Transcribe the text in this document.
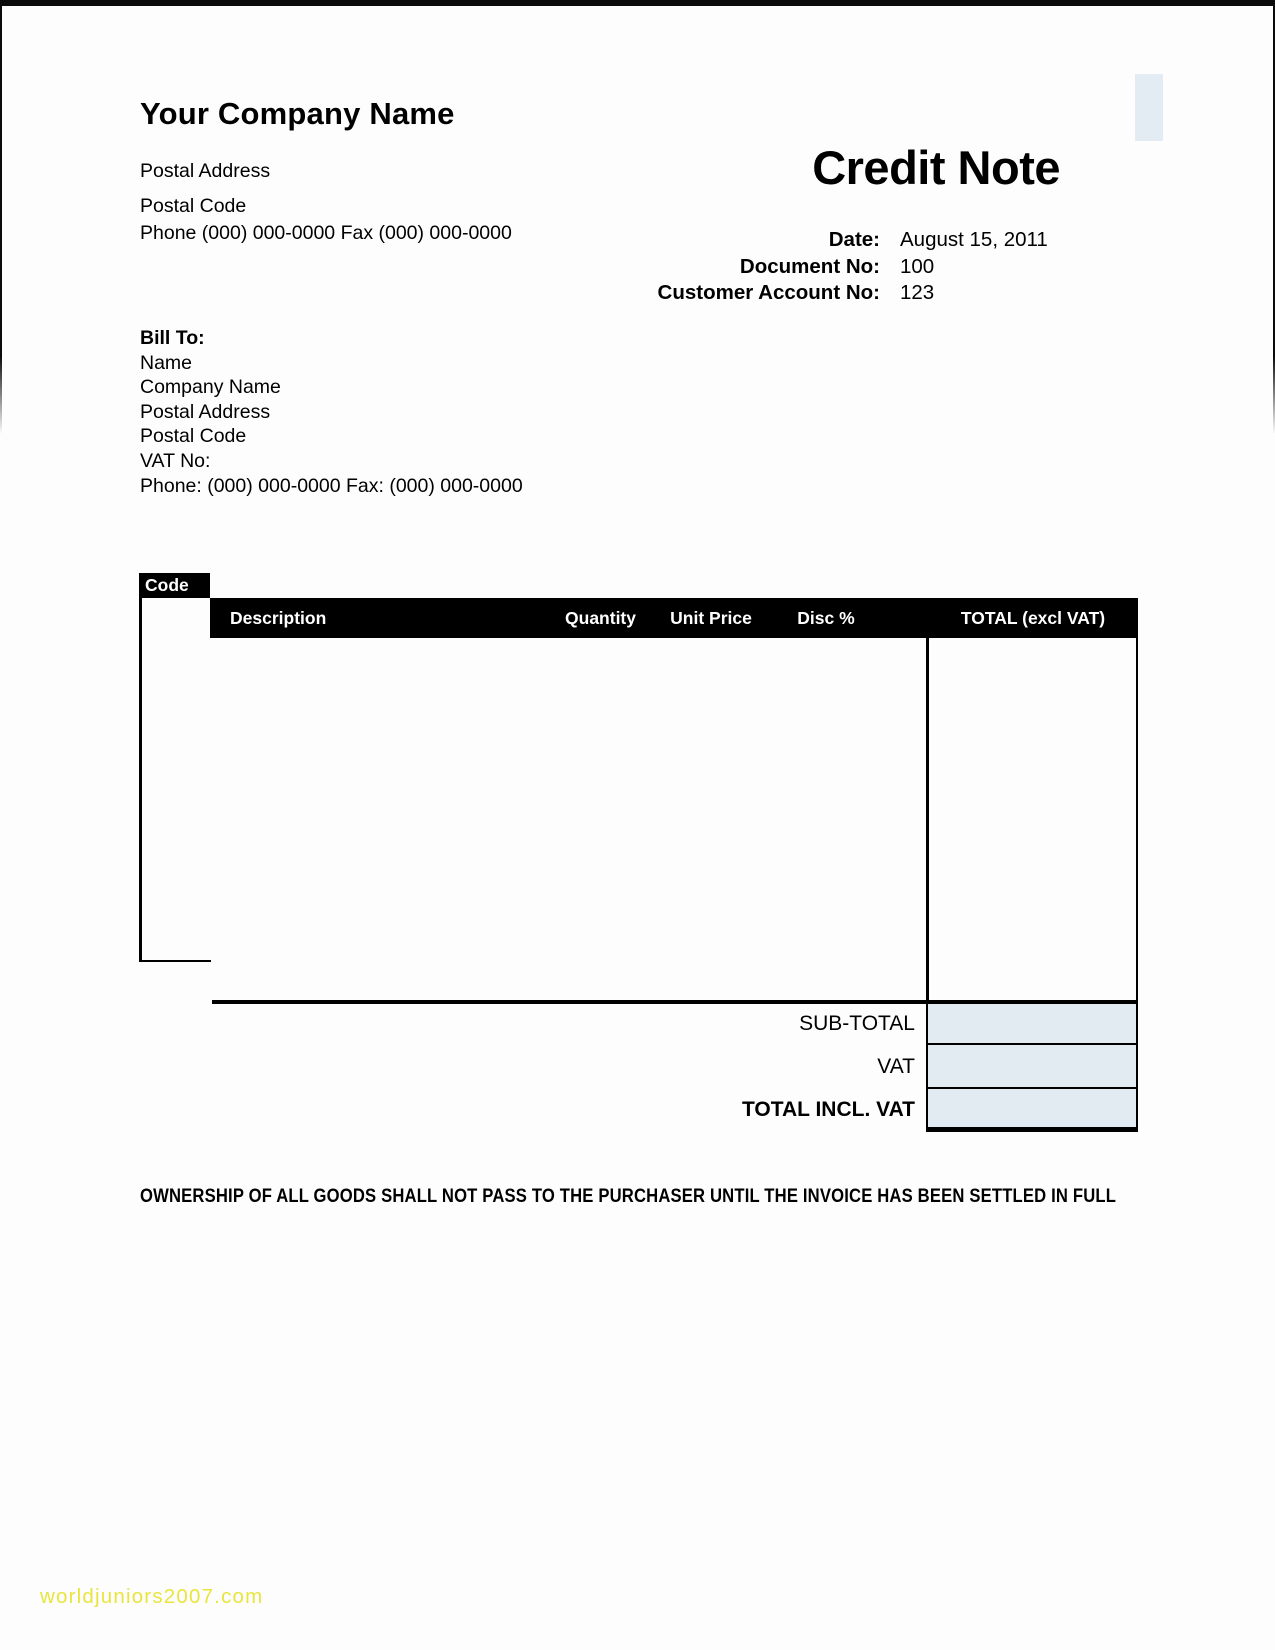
Your Company Name
Postal Address
Postal Code
Phone (000) 000-0000 Fax (000) 000-0000
Credit Note
Date: August 15, 2011
Document No: 100
Customer Account No: 123
Bill To:
Name
Company Name
Postal Address
Postal Code
VAT No:
Phone: (000) 000-0000 Fax: (000) 000-0000
Code
Description	Quantity	Unit Price	Disc %	TOTAL (excl VAT)
SUB-TOTAL
VAT
TOTAL INCL. VAT
OWNERSHIP OF ALL GOODS SHALL NOT PASS TO THE PURCHASER UNTIL THE INVOICE HAS BEEN SETTLED IN FULL
worldjuniors2007.com
